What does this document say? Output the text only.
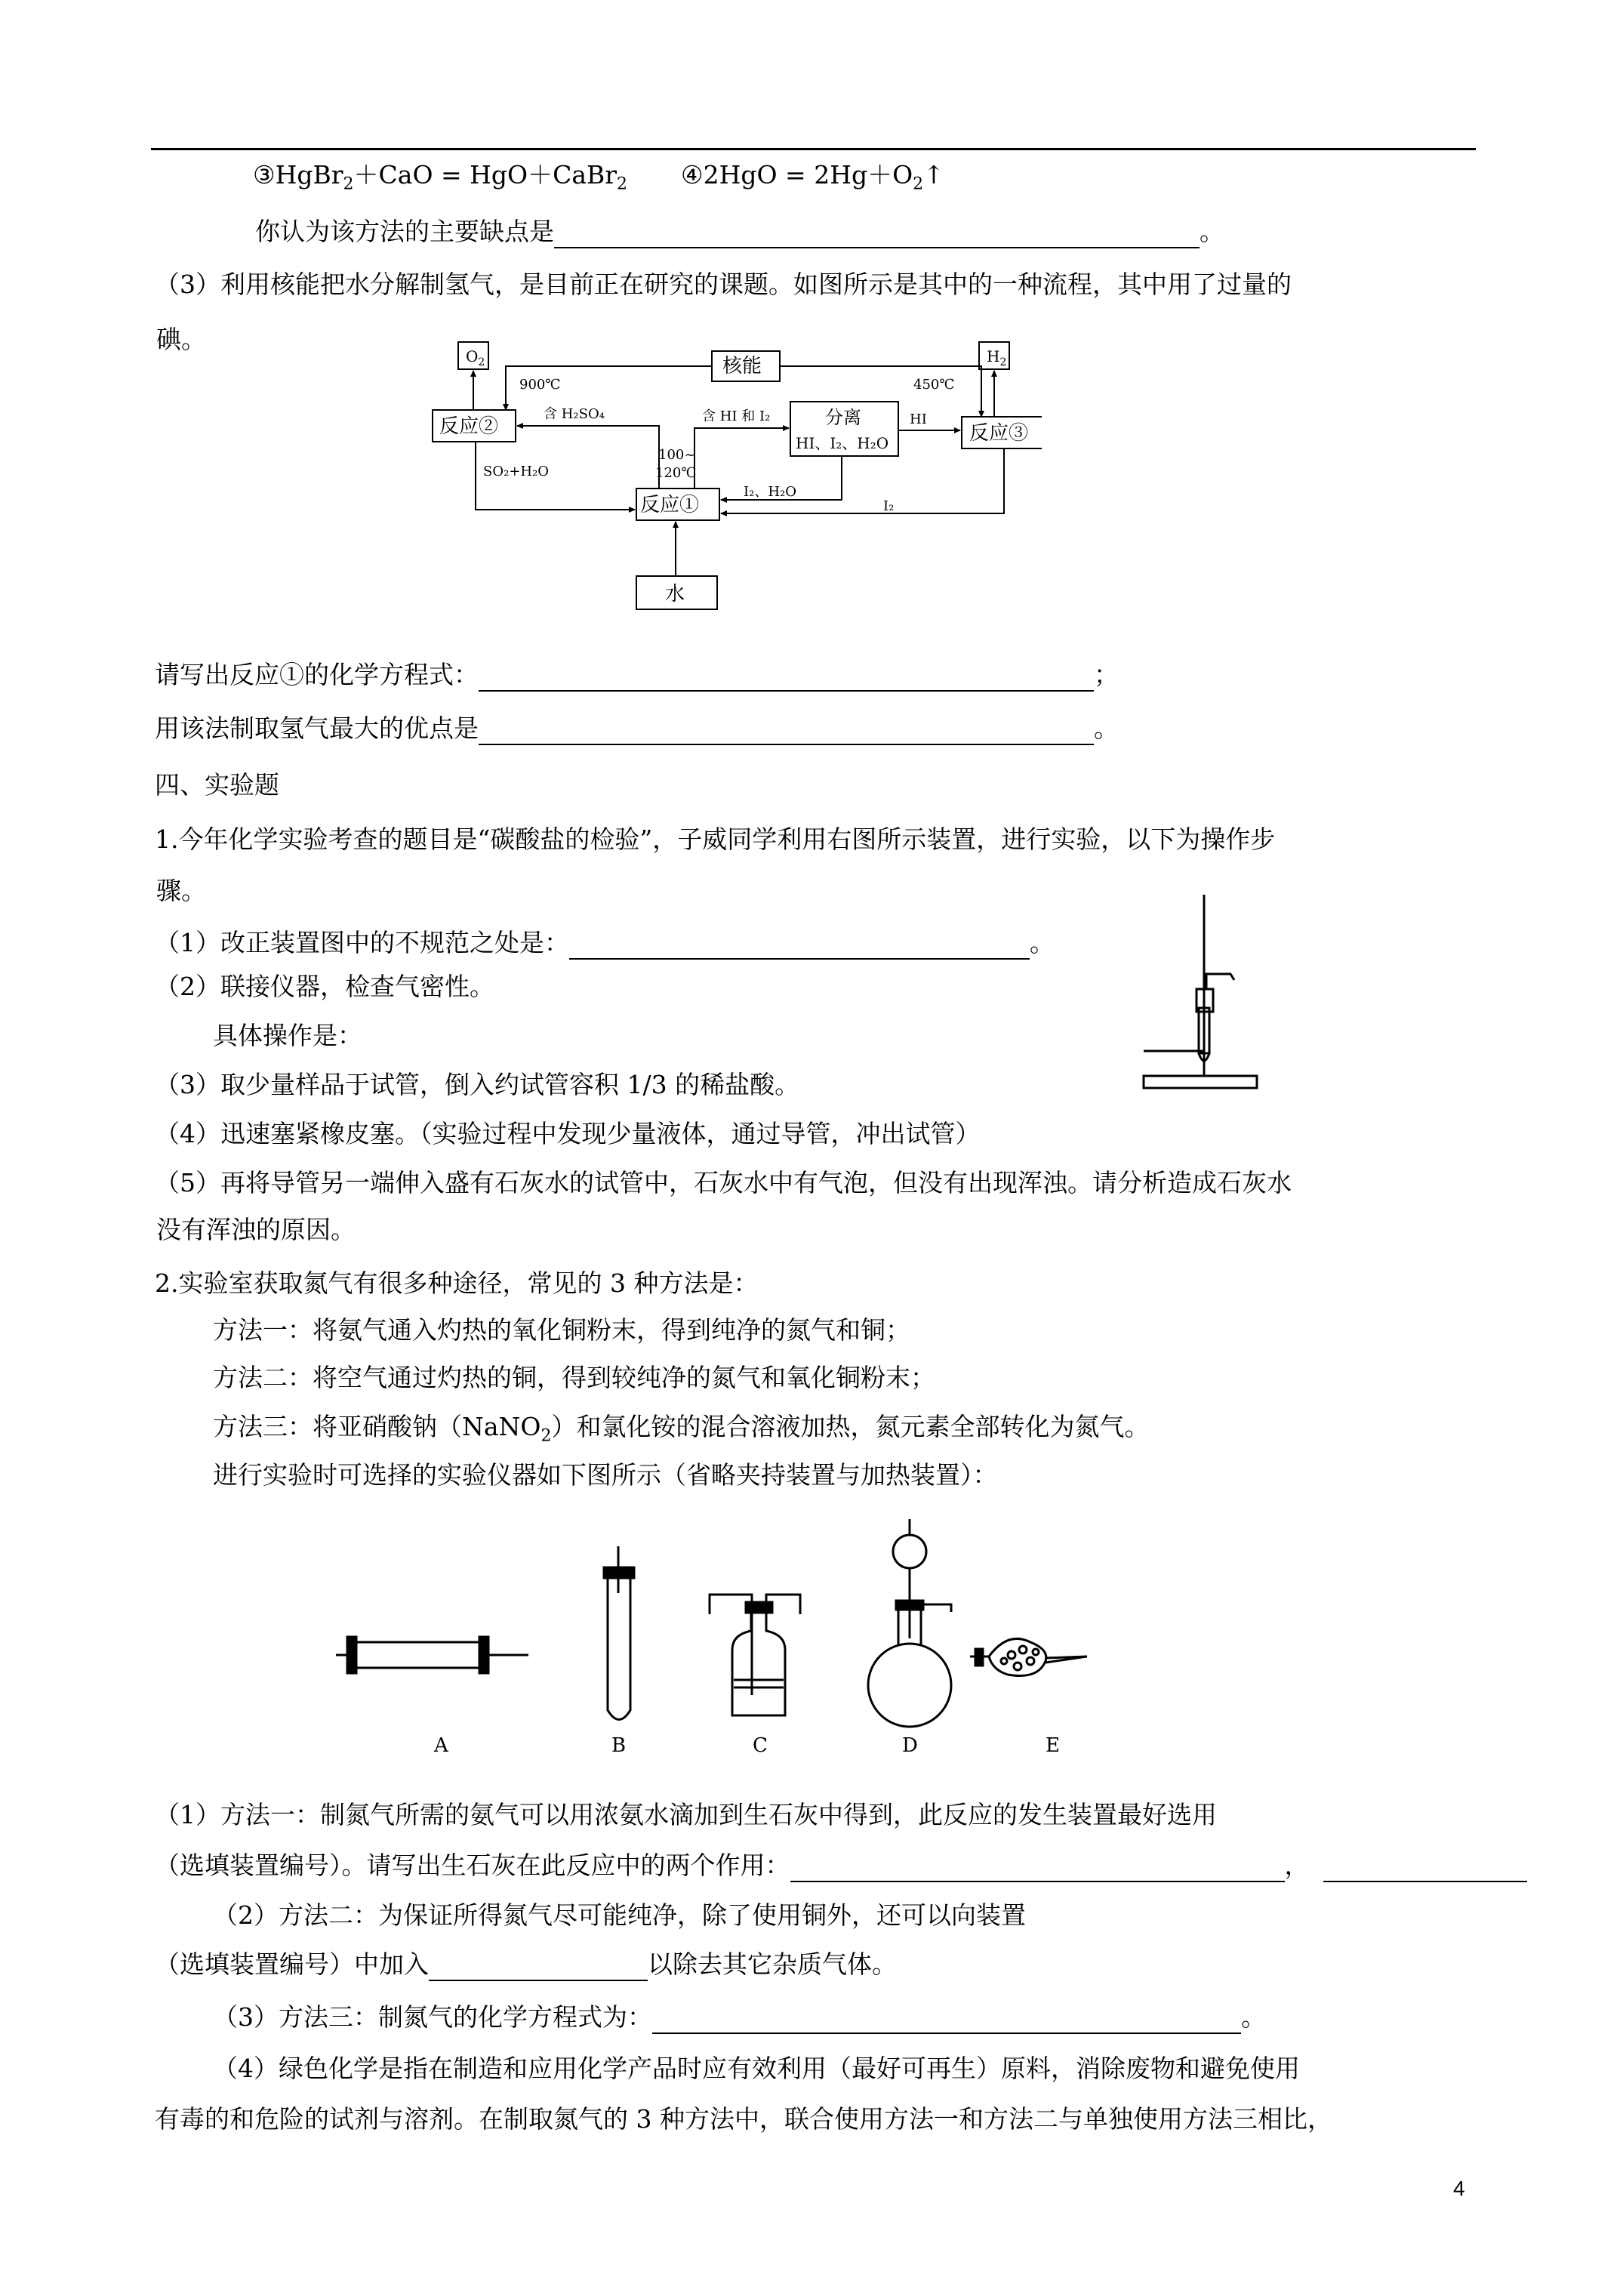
③HgBr$_2$＋CaO = HgO＋CaBr$_2$ ④2HgO = $2Hg+O_2↑$
你认为该方法的主要缺点是	。
（3）利用核能把水分解制氢气，是目前正在研究的课题。如图所示是其中的一种流程，其中用了过量的
碘。
$O_2$	$H_2$
核能
900℃	450℃
反应②	反应③
反应①
分离
HI、I₂、H₂O
水
含 H₂SO₄	含 HI 和 I₂	HI
SO₂+H₂O
100~
120℃
I₂、H₂O
I₂
请写出反应①的化学方程式：	；
用该法制取氢气最大的优点是	。
四、实验题
1.今年化学实验考查的题目是“碳酸盐的检验”，子威同学利用右图所示装置，进行实验，以下为操作步
骤。
（1）改正装置图中的不规范之处是：	。
（2）联接仪器，检查气密性。
具体操作是：
（3）取少量样品于试管，倒入约试管容积 1/3 的稀盐酸。
（4）迅速塞紧橡皮塞。（实验过程中发现少量液体，通过导管，冲出试管）
（5）再将导管另一端伸入盛有石灰水的试管中，石灰水中有气泡，但没有出现浑浊。请分析造成石灰水
没有浑浊的原因。
2.实验室获取氮气有很多种途径，常见的 3 种方法是：
方法一：将氨气通入灼热的氧化铜粉末，得到纯净的氮气和铜；
方法二：将空气通过灼热的铜，得到较纯净的氮气和氧化铜粉末；
方法三：将亚硝酸钠（NaNO$_2$）和氯化铵的混合溶液加热，氮元素全部转化为氮气。
进行实验时可选择的实验仪器如下图所示（省略夹持装置与加热装置）：
A	B	C	D	E
（1）方法一：制氮气所需的氨气可以用浓氨水滴加到生石灰中得到，此反应的发生装置最好选用
（选填装置编号）。请写出生石灰在此反应中的两个作用：	，
（2）方法二：为保证所得氮气尽可能纯净，除了使用铜外，还可以向装置
（选填装置编号）中加入	以除去其它杂质气体。
（3）方法三：制氮气的化学方程式为：	。
（4）绿色化学是指在制造和应用化学产品时应有效利用（最好可再生）原料，消除废物和避免使用
有毒的和危险的试剂与溶剂。在制取氮气的 3 种方法中，联合使用方法一和方法二与单独使用方法三相比，
4
